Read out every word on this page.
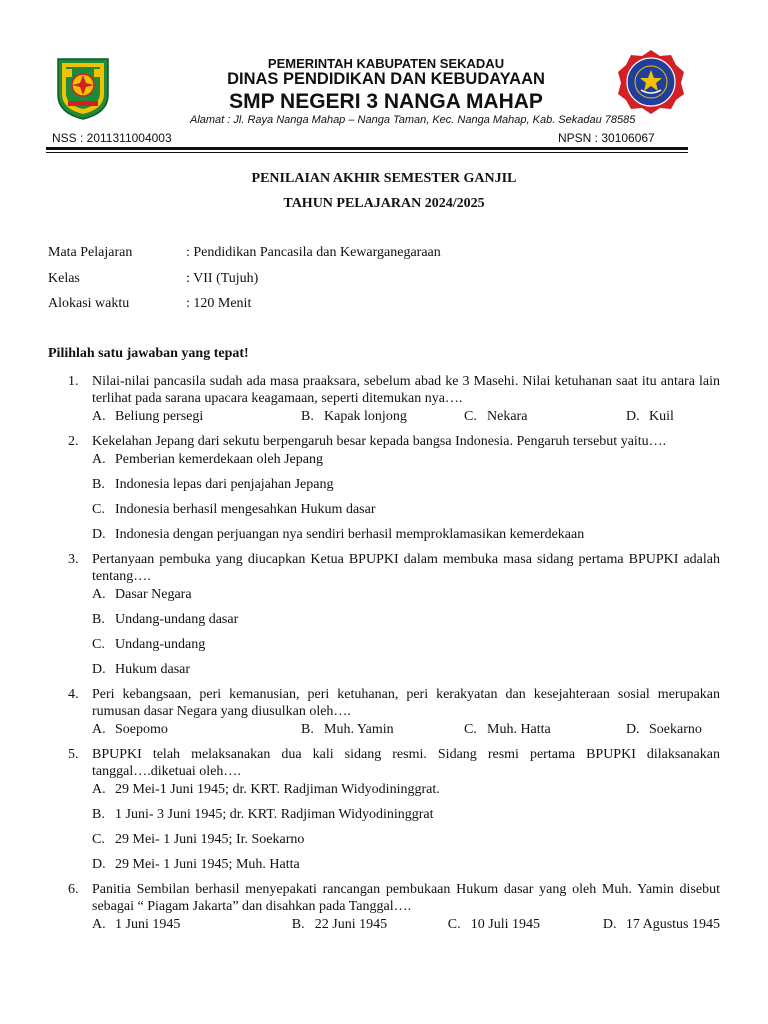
PEMERINTAH KABUPATEN SEKADAU
DINAS PENDIDIKAN DAN KEBUDAYAAN
SMP NEGERI 3 NANGA MAHAP
Alamat : Jl. Raya Nanga Mahap – Nanga Taman, Kec. Nanga Mahap, Kab. Sekadau 78585
NSS : 2011311004003	NPSN : 30106067
PENILAIAN AKHIR SEMESTER GANJIL
TAHUN PELAJARAN 2024/2025
Mata Pelajaran	: Pendidikan Pancasila dan Kewarganegaraan
Kelas	: VII (Tujuh)
Alokasi waktu	: 120 Menit
Pilihlah satu jawaban yang tepat!
1. Nilai-nilai pancasila sudah ada masa praaksara, sebelum abad ke 3 Masehi. Nilai ketuhanan saat itu antara lain terlihat pada sarana upacara keagamaan, seperti ditemukan nya….
A. Beliung persegi	B. Kapak lonjong	C. Nekara	D. Kuil
2. Kekelahan Jepang dari sekutu berpengaruh besar kepada bangsa Indonesia. Pengaruh tersebut yaitu….
A. Pemberian kemerdekaan oleh Jepang
B. Indonesia lepas dari penjajahan Jepang
C. Indonesia berhasil mengesahkan Hukum dasar
D. Indonesia dengan perjuangan nya sendiri berhasil memproklamasikan kemerdekaan
3. Pertanyaan pembuka yang diucapkan Ketua BPUPKI dalam membuka masa sidang pertama BPUPKI adalah tentang….
A. Dasar Negara
B. Undang-undang dasar
C. Undang-undang
D. Hukum dasar
4. Peri kebangsaan, peri kemanusian, peri ketuhanan, peri kerakyatan dan kesejahteraan sosial merupakan rumusan dasar Negara yang diusulkan oleh….
A. Soepomo	B. Muh. Yamin	C. Muh. Hatta	D. Soekarno
5. BPUPKI telah melaksanakan dua kali sidang resmi. Sidang resmi pertama BPUPKI dilaksanakan tanggal….diketuai oleh….
A. 29 Mei-1 Juni 1945; dr. KRT. Radjiman Widyodininggrat.
B. 1 Juni- 3 Juni 1945; dr. KRT. Radjiman Widyodininggrat
C. 29 Mei- 1 Juni 1945; Ir. Soekarno
D. 29 Mei- 1 Juni 1945; Muh. Hatta
6. Panitia Sembilan berhasil menyepakati rancangan pembukaan Hukum dasar yang oleh Muh. Yamin disebut sebagai “ Piagam Jakarta” dan disahkan pada Tanggal….
A. 1 Juni 1945	B. 22 Juni 1945	C. 10 Juli 1945	D. 17 Agustus 1945
